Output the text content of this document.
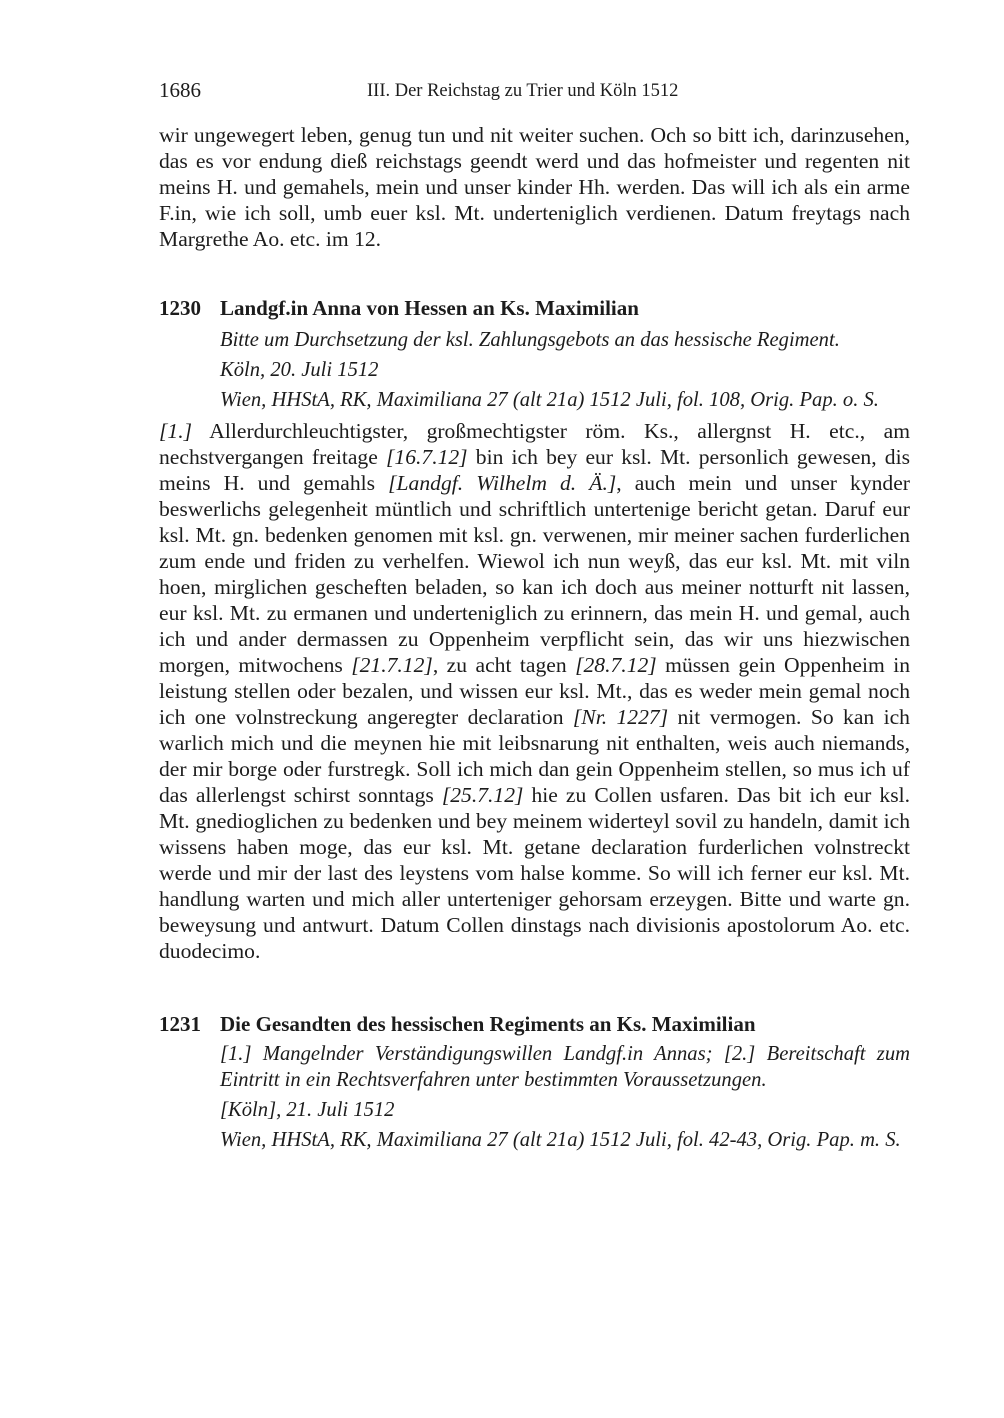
1686	III. Der Reichstag zu Trier und Köln 1512

wir ungewegert leben, genug tun und nit weiter suchen. Och so bitt ich, darinzusehen, das es vor endung dieß reichstags geendt werd und das hofmeister und regenten nit meins H. und gemahels, mein und unser kinder Hh. werden. Das will ich als ein arme F.in, wie ich soll, umb euer ksl. Mt. underteniglich verdienen. Datum freytags nach Margrethe Ao. etc. im 12.

1230 Landgf.in Anna von Hessen an Ks. Maximilian

Bitte um Durchsetzung der ksl. Zahlungsgebots an das hessische Regiment.
Köln, 20. Juli 1512
Wien, HHStA, RK, Maximiliana 27 (alt 21a) 1512 Juli, fol. 108, Orig. Pap. o. S.

[1.] Allerdurchleuchtigster, großmechtigster röm. Ks., allergnst H. etc., am nechstvergangen freitage [16.7.12] bin ich bey eur ksl. Mt. personlich gewesen, dis meins H. und gemahls [Landgf. Wilhelm d. Ä.], auch mein und unser kynder beswerlichs gelegenheit müntlich und schriftlich untertenige bericht getan. Daruf eur ksl. Mt. gn. bedenken genomen mit ksl. gn. verwenen, mir meiner sachen furderlichen zum ende und friden zu verhelfen. Wiewol ich nun weyß, das eur ksl. Mt. mit viln hoen, mirglichen gescheften beladen, so kan ich doch aus meiner notturft nit lassen, eur ksl. Mt. zu ermanen und underteniglich zu erinnern, das mein H. und gemal, auch ich und ander dermassen zu Oppenheim verpflicht sein, das wir uns hiezwischen morgen, mitwochens [21.7.12], zu acht tagen [28.7.12] müssen gein Oppenheim in leistung stellen oder bezalen, und wissen eur ksl. Mt., das es weder mein gemal noch ich one volnstreckung angeregter declaration [Nr. 1227] nit vermogen. So kan ich warlich mich und die meynen hie mit leibsnarung nit enthalten, weis auch niemands, der mir borge oder furstregk. Soll ich mich dan gein Oppenheim stellen, so mus ich uf das allerlengst schirst sonntags [25.7.12] hie zu Collen usfaren. Das bit ich eur ksl. Mt. gnedioglichen zu bedenken und bey meinem widerteyl sovil zu handeln, damit ich wissens haben moge, das eur ksl. Mt. getane declaration furderlichen volnstreckt werde und mir der last des leystens vom halse komme. So will ich ferner eur ksl. Mt. handlung warten und mich aller unterteniger gehorsam erzeygen. Bitte und warte gn. beweysung und antwurt. Datum Collen dinstags nach divisionis apostolorum Ao. etc. duodecimo.

1231 Die Gesandten des hessischen Regiments an Ks. Maximilian

[1.] Mangelnder Verständigungswillen Landgf.in Annas; [2.] Bereitschaft zum Eintritt in ein Rechtsverfahren unter bestimmten Voraussetzungen.
[Köln], 21. Juli 1512
Wien, HHStA, RK, Maximiliana 27 (alt 21a) 1512 Juli, fol. 42-43, Orig. Pap. m. S.
